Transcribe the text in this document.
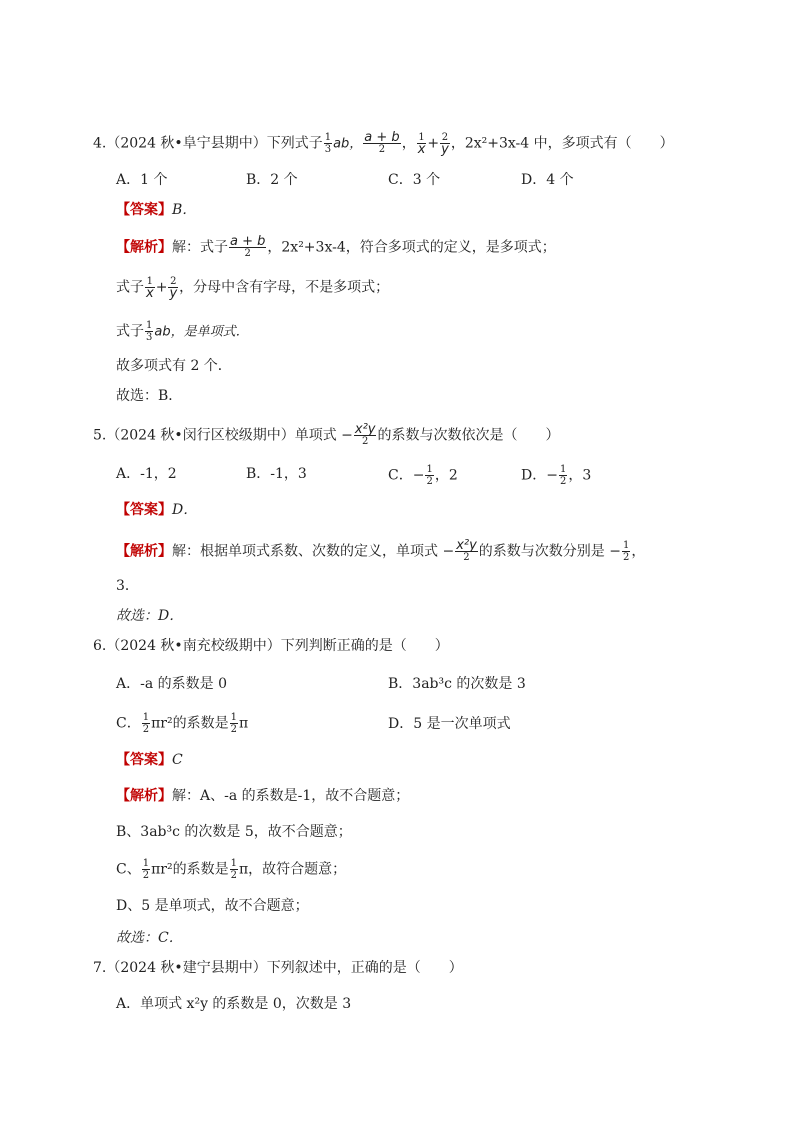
4.（2024 秋•阜宁县期中）下列式子 $\frac{1}{3}$ ab， $\frac{a + b}{2}$ ， $\frac{1}{x} + \frac{2}{y}$ ，2x²+3x-4 中，多项式有（　　）
A．1 个	B．2 个	C．3 个	D．4 个
【答案】B．
【解析】解：式子 $\frac{a + b}{2}$ ，2x²+3x-4，符合多项式的定义，是多项式；
式子 $\frac{1}{x} + \frac{2}{y}$ ，分母中含有字母，不是多项式；
式子 $\frac{1}{3}$ ab，是单项式．
故多项式有 2 个．
故选：B．
5.（2024 秋•闵行区校级期中）单项式 − $\frac{\text{x²y}}{2}$ 的系数与次数依次是（　　）
A．-1，2	B．-1，3	C．− $\frac{1}{2}$ ，2	D．− $\frac{1}{2}$ ，3
【答案】D．
【解析】解：根据单项式系数、次数的定义，单项式 − $\frac{\text{x²y}}{2}$ 的系数与次数分别是 − $\frac{1}{2}$ ，
3．
故选：D．
6.（2024 秋•南充校级期中）下列判断正确的是（　　）
A．-a 的系数是 0	B．3ab³c 的次数是 3
C． $\frac{1}{2} \pi r^2$的系数是 $\frac{1}{2}$ π	D．5 是一次单项式
【答案】C
【解析】解：A、-a 的系数是-1，故不合题意；
B、3ab³c 的次数是 5，故不合题意；
C、 $\frac{1}{2} \pi r^2$的系数是 $\frac{1}{2}$ π，故符合题意；
D、5 是单项式，故不合题意；
故选：C．
7.（2024 秋•建宁县期中）下列叙述中，正确的是（　　）
A．单项式 x²y 的系数是 0，次数是 3
